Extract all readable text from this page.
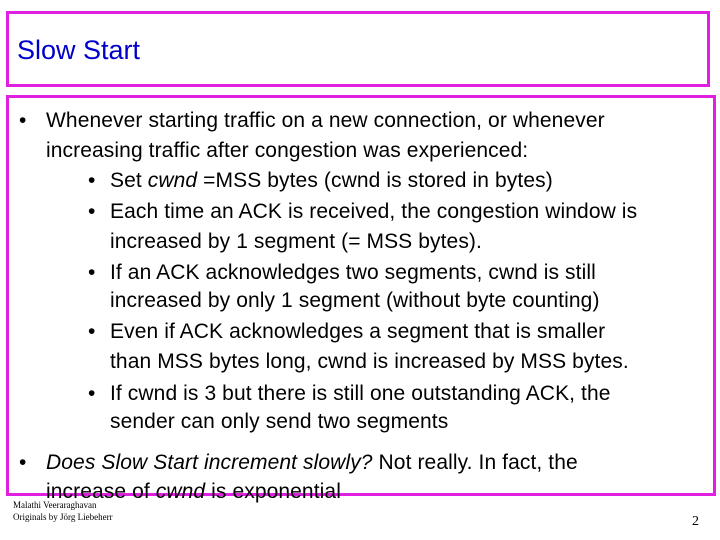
Slow Start
• Whenever starting traffic on a new connection, or whenever
increasing traffic after congestion was experienced:
• Set cwnd =MSS bytes (cwnd is stored in bytes)
• Each time an ACK is received, the congestion window is
increased by 1 segment (= MSS bytes).
• If an ACK acknowledges two segments, cwnd is still
increased by only 1 segment (without byte counting)
• Even if ACK acknowledges a segment that is smaller
than MSS bytes long, cwnd is increased by MSS bytes.
• If cwnd is 3 but there is still one outstanding ACK, the
sender can only send two segments
• Does Slow Start increment slowly? Not really. In fact, the
increase of cwnd is exponential
Malathi Veeraraghavan
Originals by Jörg Liebeherr	2
